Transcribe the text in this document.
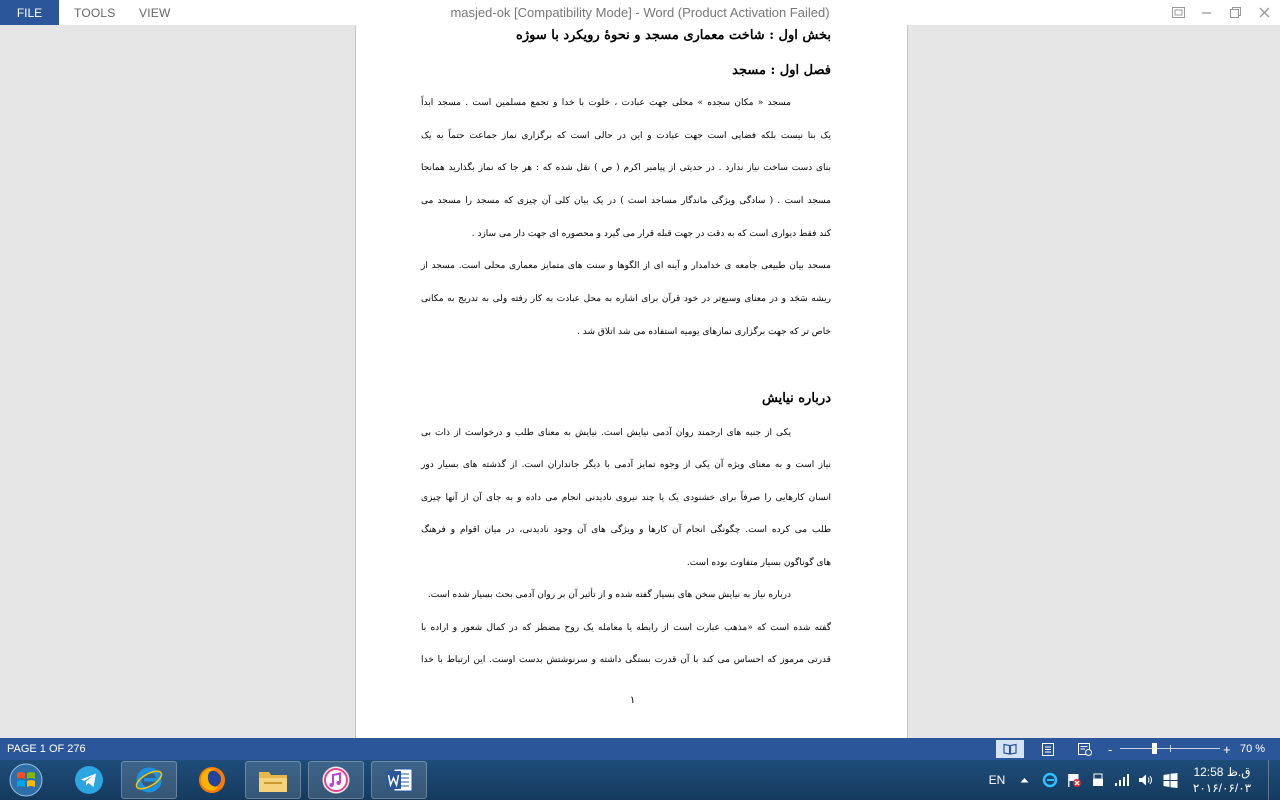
FILE	TOOLS VIEW	masjed-ok [Compatibility Mode] - Word (Product Activation Failed)
بخش اول : شاخت معماری مسجد و نحوهٔ رویکرد با سوژه
فصل اول : مسجد
مسجد « مکان سجده » محلی جهت عبادت ، خلوت با خدا و تجمع مسلمین است . مسجد ابداً
یک بنا نیست بلکه فضایی است جهت عبادت و این در حالی است که برگزاری نماز جماعت حتماً به یک
بنای دست ساخت نیاز ندارد . در حدیثی از پیامبر اکرم ( ص ) نقل شده که : هر جا که نماز بگذارید همانجا
مسجد است . ( سادگی ویژگی ماندگار مساجد است ) در یک بیان کلی آن چیزی که مسجد را مسجد می
کند فقط دیواری است که به دقت در جهت قبله قرار می گیرد و محصوره ای جهت دار می سازد .
مسجد بیان طبیعی جامعه ی خدامدار و آینه ای از الگوها و سنت های متمایز معماری محلی است. مسجد از
ریشه سَجَد و در معنای وسیع‌تر در خود قرآن برای اشاره به محل عبادت به کار رفته ولی به تدریج به مکانی
خاص تر که جهت برگزاری نمازهای یومیه استفاده می شد اتلاق شد .
درباره نیایش
یکی از جنبه های ارجمند روان آدمی نیایش است. نیایش به معنای طلب و درخواست از ذات بی
نیاز است و به معنای ویژه آن یکی از وجوه تمایز آدمی با دیگر جانداران است. از گذشته های بسیار دور
انسان کارهایی را صرفاً برای خشنودی یک یا چند نیروی نادیدنی انجام می داده و به جای آن از آنها چیزی
طلب می کرده است. چگونگی انجام آن کارها و ویژگی های آن وجود نادیدنی، در میان اقوام و فرهنگ
های گوناگون بسیار متفاوت بوده است.
درباره نیاز به نیایش سخن های بسیار گفته شده و از تأثیر آن بر روان آدمی بحث بسیار شده است.
گفته شده است که «مذهب عبارت است از رابطه یا معامله یک روح مضطر که در کمال شعور و اراده با
قدرتی مرموز که احساس می کند با آن قدرت بستگی داشته و سرنوشتش بدست اوست. این ارتباط با خدا
۱
PAGE 1 OF 276	-	+ 70 %
EN
12:58 ق.ظ
۲۰۱۶/۰۶/۰۳
